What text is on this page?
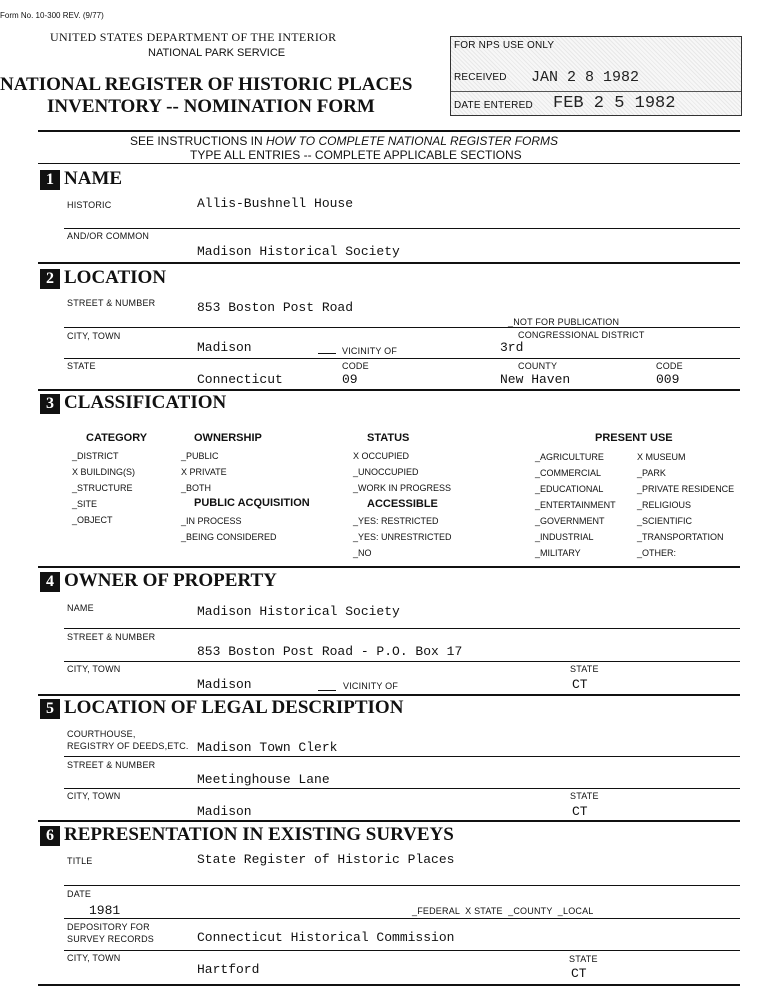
Form No. 10-300 REV. (9/77)
UNITED STATES DEPARTMENT OF THE INTERIOR
NATIONAL PARK SERVICE
NATIONAL REGISTER OF HISTORIC PLACES
INVENTORY -- NOMINATION FORM
FOR NPS USE ONLY
RECEIVED JAN 2 8 1982
DATE ENTERED FEB 2 5 1982
SEE INSTRUCTIONS IN HOW TO COMPLETE NATIONAL REGISTER FORMS
TYPE ALL ENTRIES -- COMPLETE APPLICABLE SECTIONS
1 NAME
HISTORIC	Allis-Bushnell House
AND/OR COMMON
Madison Historical Society
2 LOCATION
STREET & NUMBER	853 Boston Post Road
_NOT FOR PUBLICATION
CITY, TOWN	CONGRESSIONAL DISTRICT
Madison	VICINITY OF	3rd
STATE	CODE	COUNTY	CODE
Connecticut	09	New Haven	009
3 CLASSIFICATION
CATEGORY
_DISTRICT
X BUILDING(S)
_STRUCTURE
_SITE
_OBJECT
OWNERSHIP
_PUBLIC
X PRIVATE
_BOTH
PUBLIC ACQUISITION
_IN PROCESS
_BEING CONSIDERED
STATUS
X OCCUPIED
_UNOCCUPIED
_WORK IN PROGRESS
ACCESSIBLE
_YES: RESTRICTED
_YES: UNRESTRICTED
_NO
PRESENT USE
_AGRICULTURE
_COMMERCIAL
_EDUCATIONAL
_ENTERTAINMENT
_GOVERNMENT
_INDUSTRIAL
_MILITARY
X MUSEUM
_PARK
_PRIVATE RESIDENCE
_RELIGIOUS
_SCIENTIFIC
_TRANSPORTATION
_OTHER:
4 OWNER OF PROPERTY
NAME	Madison Historical Society
STREET & NUMBER
853 Boston Post Road - P.O. Box 17
CITY, TOWN	STATE
Madison	VICINITY OF	CT
5 LOCATION OF LEGAL DESCRIPTION
COURTHOUSE,
REGISTRY OF DEEDS,ETC. Madison Town Clerk
STREET & NUMBER
Meetinghouse Lane
CITY, TOWN	STATE
Madison	CT
6 REPRESENTATION IN EXISTING SURVEYS
TITLE	State Register of Historic Places
DATE
1981	_FEDERAL  X STATE  _COUNTY  _LOCAL
DEPOSITORY FOR
SURVEY RECORDS	Connecticut Historical Commission
CITY, TOWN	STATE
Hartford	CT
